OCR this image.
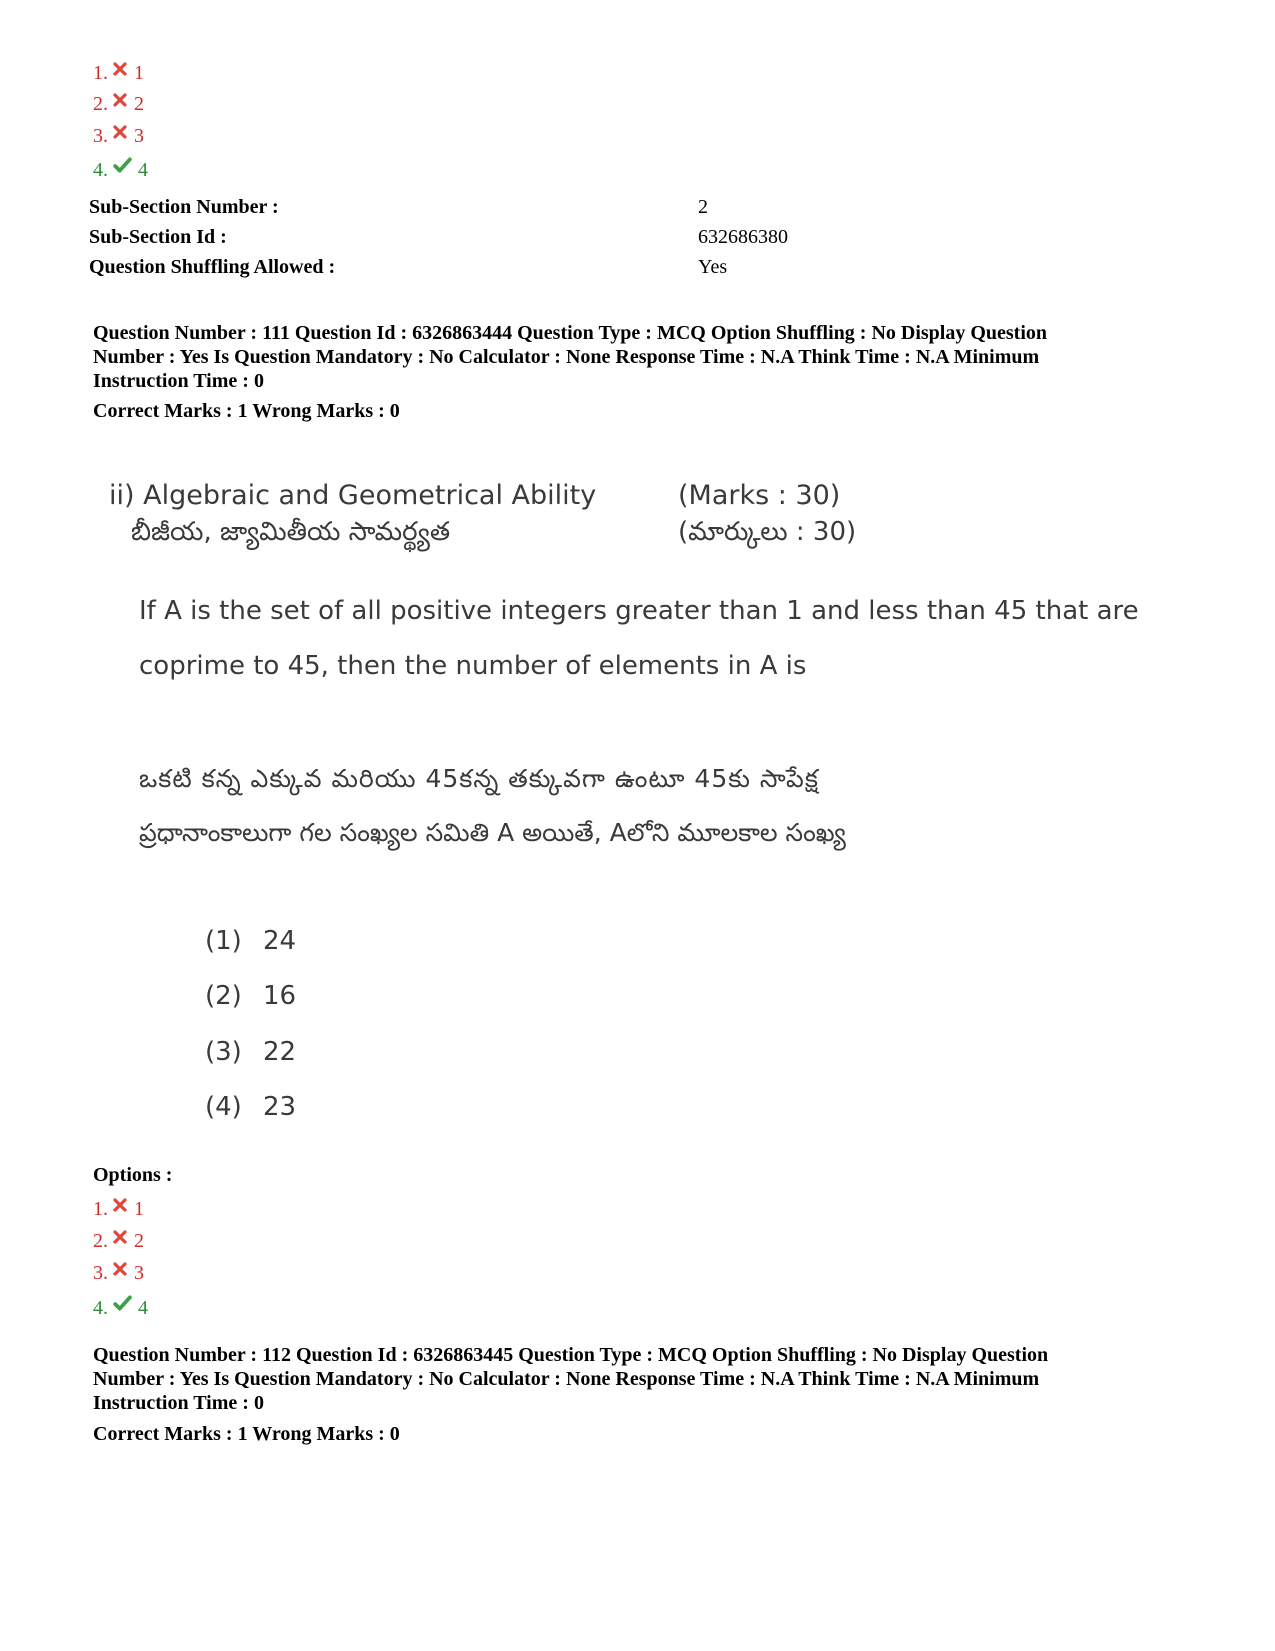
1. 1
2. 2
3. 3
4. 4
Sub-Section Number :	2
Sub-Section Id :	632686380
Question Shuffling Allowed :	Yes

Question Number : 111 Question Id : 6326863444 Question Type : MCQ Option Shuffling : No Display Question

Number : Yes Is Question Mandatory : No Calculator : None Response Time : N.A Think Time : N.A Minimum

Instruction Time : 0

Correct Marks : 1 Wrong Marks : 0
ii) Algebraic and Geometrical Ability	(Marks : 30)
బీజీయ, జ్యామితీయ సామర్థ్యత	(మార్కులు : 30)
If A is the set of all positive integers greater than 1 and less than 45 that are
coprime to 45, then the number of elements in A is
ఒకటి కన్న ఎక్కువ మరియు 45కన్న తక్కువగా ఉంటూ 45కు సాపేక్ష
ప్రధానాంకాలుగా గల సంఖ్యల సమితి A అయితే, Aలోని మూలకాల సంఖ్య
(1) 24
(2) 16
(3) 22
(4) 23
Options :
1. 1
2. 2
3. 3
4. 4

Question Number : 112 Question Id : 6326863445 Question Type : MCQ Option Shuffling : No Display Question

Number : Yes Is Question Mandatory : No Calculator : None Response Time : N.A Think Time : N.A Minimum

Instruction Time : 0

Correct Marks : 1 Wrong Marks : 0
